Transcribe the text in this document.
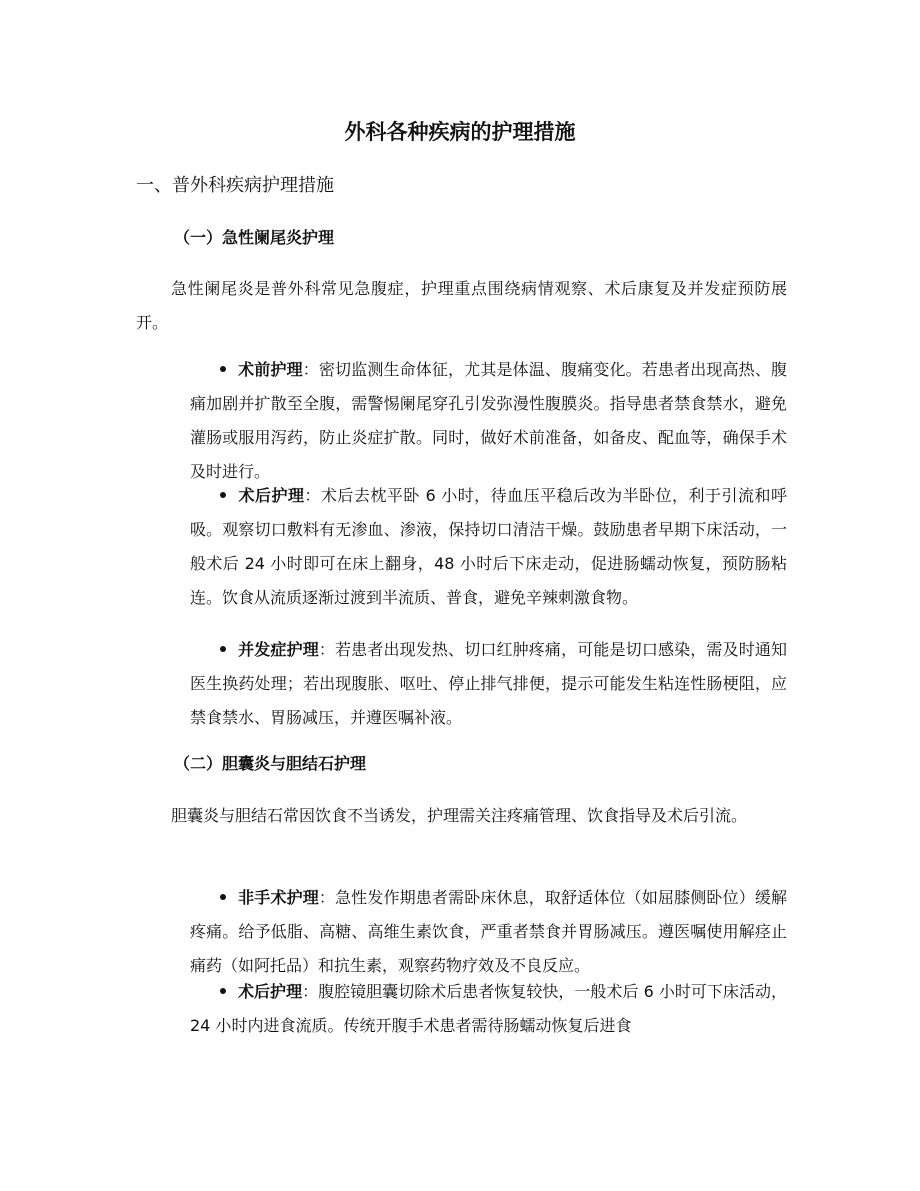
外科各种疾病的护理措施
一、普外科疾病护理措施
（一）急性阑尾炎护理

急性阑尾炎是普外科常见急腹症，护理重点围绕病情观察、术后康复及并发症预防展开。

术前护理：密切监测生命体征，尤其是体温、腹痛变化。若患者出现高热、腹痛加剧并扩散至全腹，需警惕阑尾穿孔引发弥漫性腹膜炎。指导患者禁食禁水，避免灌肠或服用泻药，防止炎症扩散。同时，做好术前准备，如备皮、配血等，确保手术及时进行。

术后护理：术后去枕平卧 6 小时，待血压平稳后改为半卧位，利于引流和呼吸。观察切口敷料有无渗血、渗液，保持切口清洁干燥。鼓励患者早期下床活动，一般术后 24 小时即可在床上翻身，48 小时后下床走动，促进肠蠕动恢复，预防肠粘连。饮食从流质逐渐过渡到半流质、普食，避免辛辣刺激食物。

并发症护理：若患者出现发热、切口红肿疼痛，可能是切口感染，需及时通知医生换药处理；若出现腹胀、呕吐、停止排气排便，提示可能发生粘连性肠梗阻，应禁食禁水、胃肠减压，并遵医嘱补液。

（二）胆囊炎与胆结石护理

胆囊炎与胆结石常因饮食不当诱发，护理需关注疼痛管理、饮食指导及术后引流。

非手术护理：急性发作期患者需卧床休息，取舒适体位（如屈膝侧卧位）缓解疼痛。给予低脂、高糖、高维生素饮食，严重者禁食并胃肠减压。遵医嘱使用解痉止痛药（如阿托品）和抗生素，观察药物疗效及不良反应。

术后护理：腹腔镜胆囊切除术后患者恢复较快，一般术后 6 小时可下床活动，24 小时内进食流质。传统开腹手术患者需待肠蠕动恢复后进食
